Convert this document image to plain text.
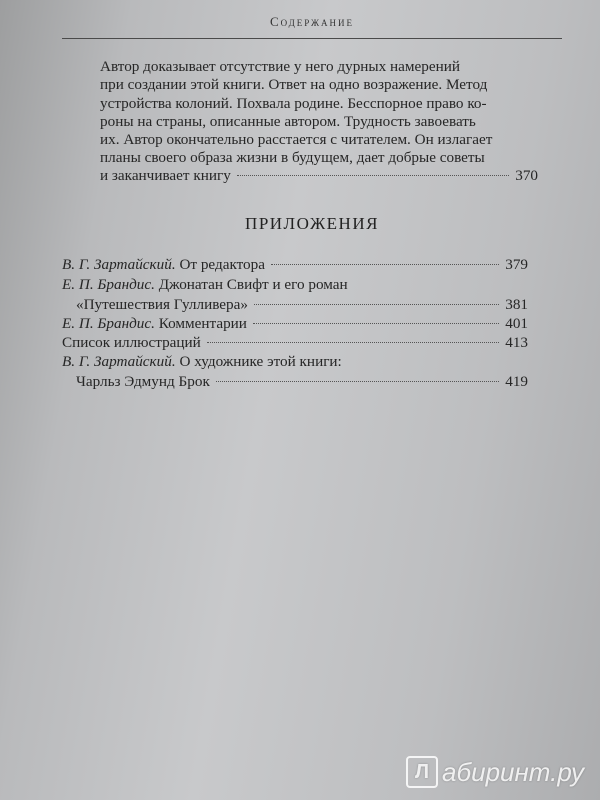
Содержание
Автор доказывает отсутствие у него дурных намерений
при создании этой книги. Ответ на одно возражение. Метод
устройства колоний. Похвала родине. Бесспорное право ко-
роны на страны, описанные автором. Трудность завоевать
их. Автор окончательно расстается с читателем. Он излагает
планы своего образа жизни в будущем, дает добрые советы
и заканчивает книгу	370
ПРИЛОЖЕНИЯ
В. Г. Зартайский.
От редактора	379
Е. П. Брандис.
Джонатан Свифт и его роман
«Путешествия Гулливера»	381
Е. П. Брандис.
Комментарии	401
Список иллюстраций	413
В. Г. Зартайский.
О художнике этой книги:
Чарльз Эдмунд Брок	419
Л абиринт.ру
